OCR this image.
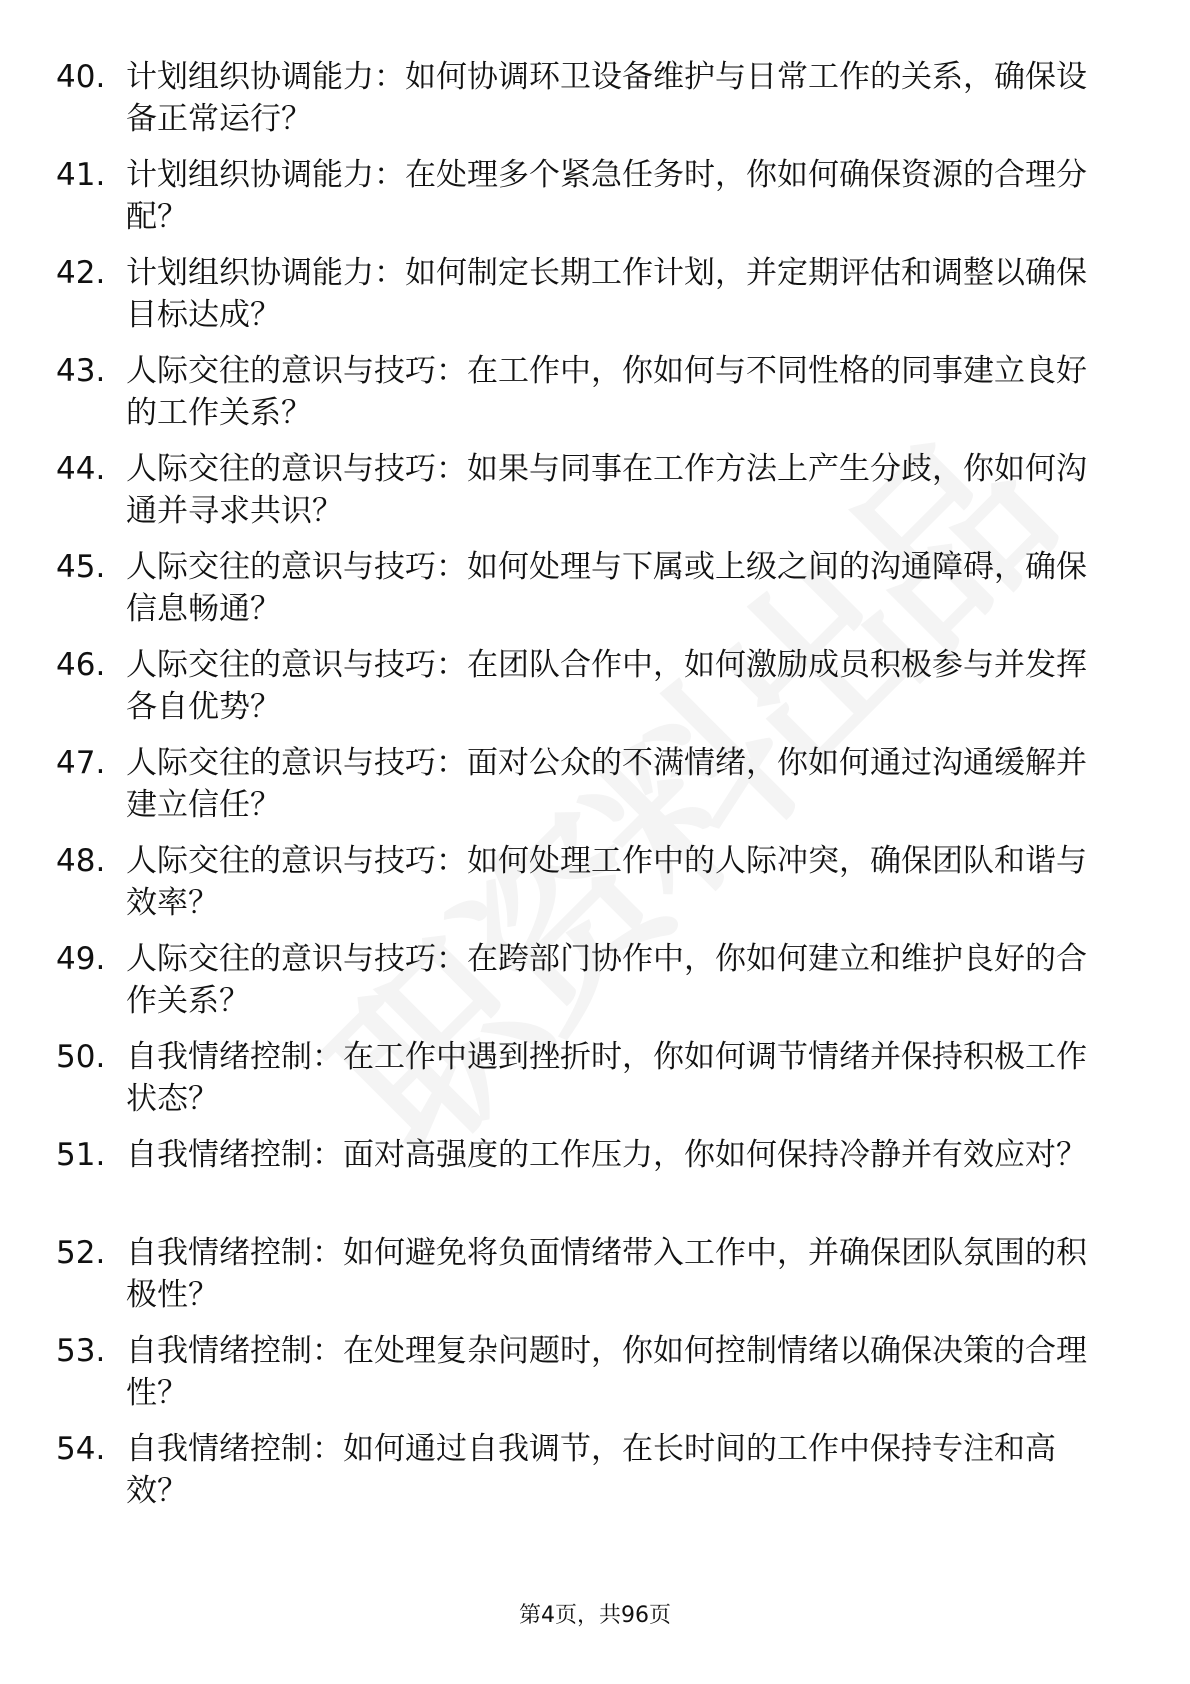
40. 计划组织协调能力：如何协调环卫设备维护与日常工作的关系，确保设备正常运行？
41. 计划组织协调能力：在处理多个紧急任务时，你如何确保资源的合理分配？
42. 计划组织协调能力：如何制定长期工作计划，并定期评估和调整以确保目标达成？
43. 人际交往的意识与技巧：在工作中，你如何与不同性格的同事建立良好的工作关系？
44. 人际交往的意识与技巧：如果与同事在工作方法上产生分歧，你如何沟通并寻求共识？
45. 人际交往的意识与技巧：如何处理与下属或上级之间的沟通障碍，确保信息畅通？
46. 人际交往的意识与技巧：在团队合作中，如何激励成员积极参与并发挥各自优势？
47. 人际交往的意识与技巧：面对公众的不满情绪，你如何通过沟通缓解并建立信任？
48. 人际交往的意识与技巧：如何处理工作中的人际冲突，确保团队和谐与效率？
49. 人际交往的意识与技巧：在跨部门协作中，你如何建立和维护良好的合作关系？
50. 自我情绪控制：在工作中遇到挫折时，你如何调节情绪并保持积极工作状态？
51. 自我情绪控制：面对高强度的工作压力，你如何保持冷静并有效应对？
52. 自我情绪控制：如何避免将负面情绪带入工作中，并确保团队氛围的积极性？
53. 自我情绪控制：在处理复杂问题时，你如何控制情绪以确保决策的合理性？
54. 自我情绪控制：如何通过自我调节，在长时间的工作中保持专注和高效？
第4页，共96页
